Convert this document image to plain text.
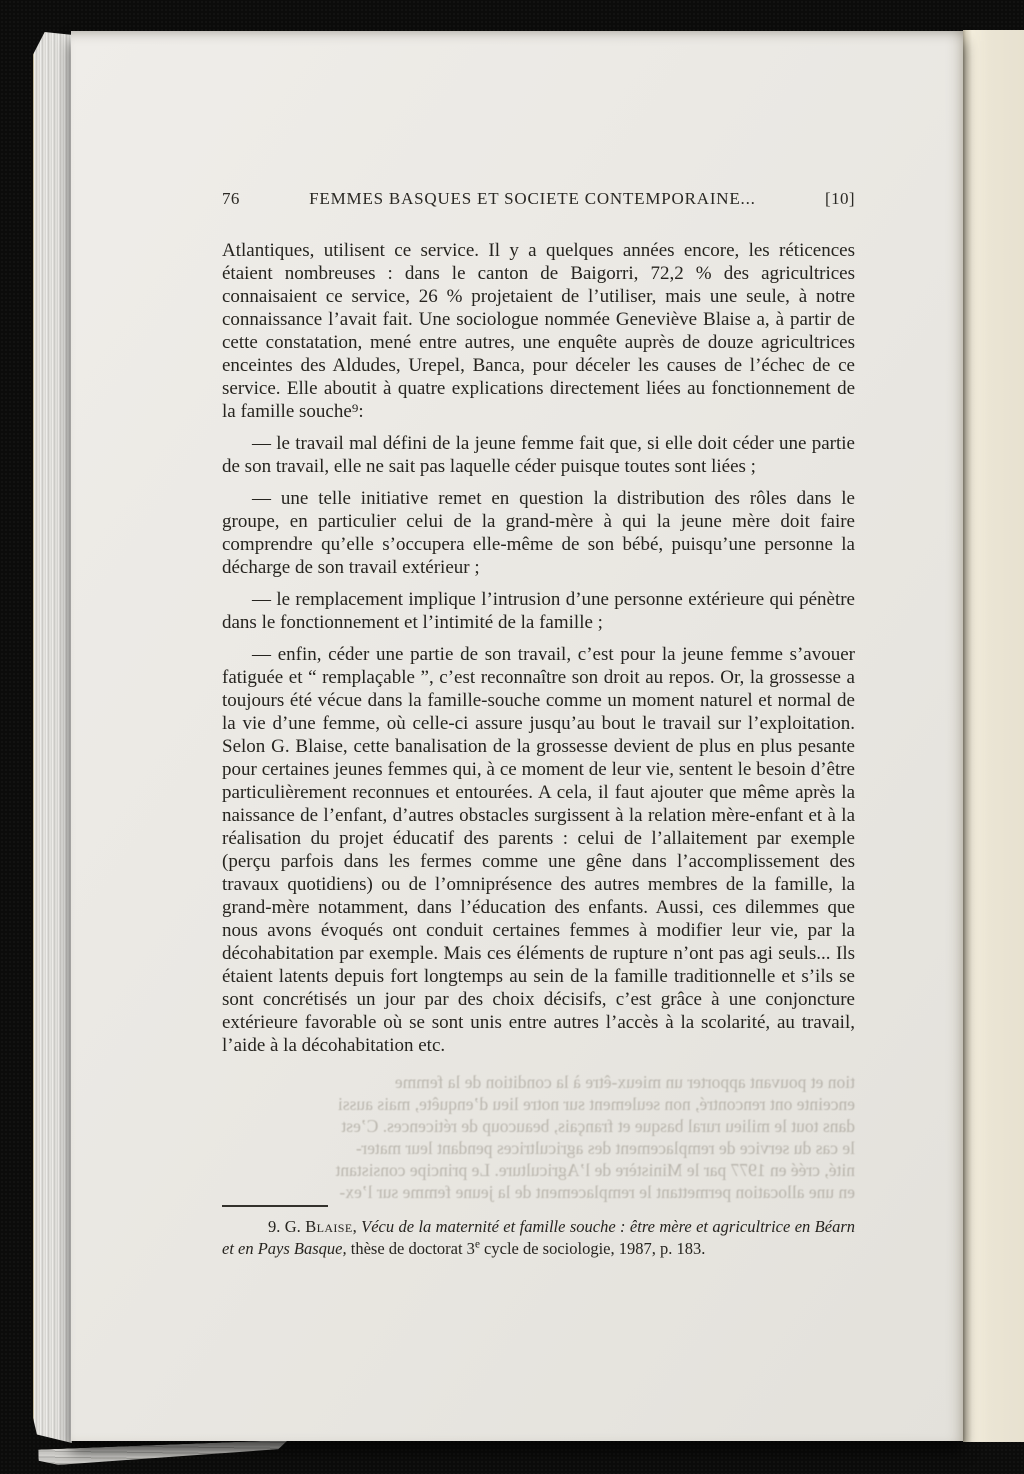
76	FEMMES BASQUES ET SOCIETE CONTEMPORAINE...	[10]

Atlantiques, utilisent ce service. Il y a quelques années encore, les réticences étaient nombreuses : dans le canton de Baigorri, 72,2 % des agricultrices connaisaient ce service, 26 % projetaient de l’utiliser, mais une seule, à notre connaissance l’avait fait. Une sociologue nommée Geneviève Blaise a, à partir de cette constatation, mené entre autres, une enquête auprès de douze agricultrices enceintes des Aldudes, Urepel, Banca, pour déceler les causes de l’échec de ce service. Elle aboutit à quatre explications directement liées au fonctionnement de la famille souche⁹:

— le travail mal défini de la jeune femme fait que, si elle doit céder une partie de son travail, elle ne sait pas laquelle céder puisque toutes sont liées ;

— une telle initiative remet en question la distribution des rôles dans le groupe, en particulier celui de la grand-mère à qui la jeune mère doit faire comprendre qu’elle s’occupera elle-même de son bébé, puisqu’une personne la décharge de son travail extérieur ;

— le remplacement implique l’intrusion d’une personne extérieure qui pénètre dans le fonctionnement et l’intimité de la famille ;

— enfin, céder une partie de son travail, c’est pour la jeune femme s’avouer fatiguée et “ remplaçable ”, c’est reconnaître son droit au repos. Or, la grossesse a toujours été vécue dans la famille-souche comme un moment naturel et normal de la vie d’une femme, où celle-ci assure jusqu’au bout le travail sur l’exploitation. Selon G. Blaise, cette banalisation de la grossesse devient de plus en plus pesante pour certaines jeunes femmes qui, à ce moment de leur vie, sentent le besoin d’être particulièrement reconnues et entourées. A cela, il faut ajouter que même après la naissance de l’enfant, d’autres obstacles surgissent à la relation mère-enfant et à la réalisation du projet éducatif des parents : celui de l’allaitement par exemple (perçu parfois dans les fermes comme une gêne dans l’accomplissement des travaux quotidiens) ou de l’omniprésence des autres membres de la famille, la grand-mère notamment, dans l’éducation des enfants. Aussi, ces dilemmes que nous avons évoqués ont conduit certaines femmes à modifier leur vie, par la décohabitation par exemple. Mais ces éléments de rupture n’ont pas agi seuls... Ils étaient latents depuis fort longtemps au sein de la famille traditionnelle et s’ils se sont concrétisés un jour par des choix décisifs, c’est grâce à une conjoncture extérieure favorable où se sont unis entre autres l’accès à la scolarité, au travail, l’aide à la décohabitation etc.

tion et pouvant apporter un mieux-être à la condition de la femme
enceinte ont rencontré, non seulement sur notre lieu d’enquête, mais aussi
dans tout le milieu rural basque et français, beaucoup de réticences. C’est
le cas du service de remplacement des agricultrices pendant leur mater-
nité, créé en 1977 par le Ministère de l’Agriculture. Le principe consistant
en une allocation permettant le remplacement de la jeune femme sur l’ex-
9. G. Blaise, Vécu de la maternité et famille souche : être mère et agricultrice en Béarn et en Pays Basque, thèse de doctorat 3e cycle de sociologie, 1987, p. 183.
